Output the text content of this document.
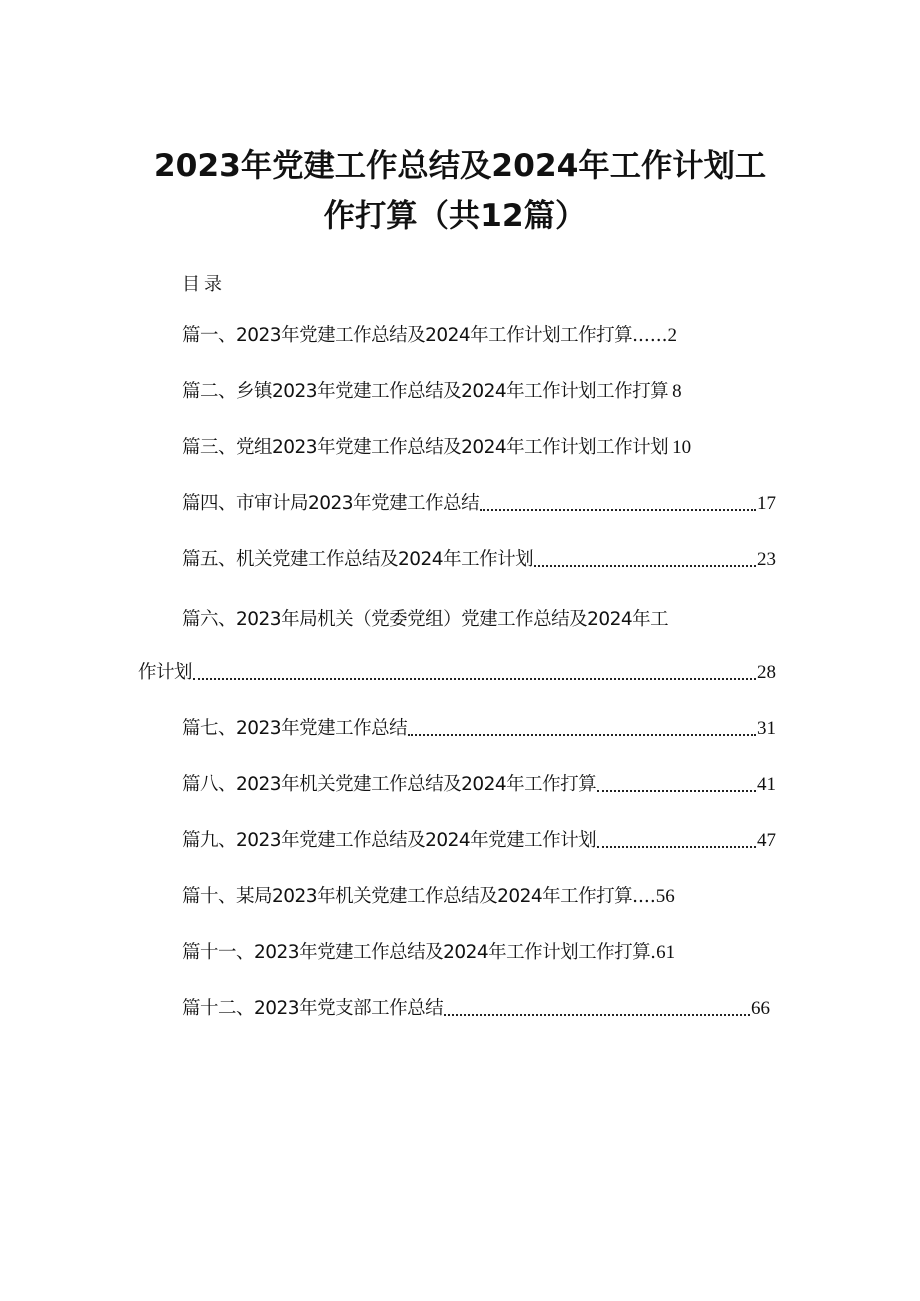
2023年党建工作总结及2024年工作计划工
作打算（共12篇）
目录
篇一、2023年党建工作总结及2024年工作计划工作打算 ...... 2
篇二、乡镇2023年党建工作总结及2024年工作计划工作打算 8
篇三、党组2023年党建工作总结及2024年工作计划工作计划 10
篇四、市审计局2023年党建工作总结	17
篇五、机关党建工作总结及2024年工作计划	23
篇六、2023年局机关（党委党组）党建工作总结及2024年工
作计划	28
篇七、2023年党建工作总结	31
篇八、2023年机关党建工作总结及2024年工作打算	41
篇九、2023年党建工作总结及2024年党建工作计划	47
篇十、某局2023年机关党建工作总结及2024年工作打算 .... 56
篇十一、2023年党建工作总结及2024年工作计划工作打算 . 61
篇十二、2023年党支部工作总结	66
